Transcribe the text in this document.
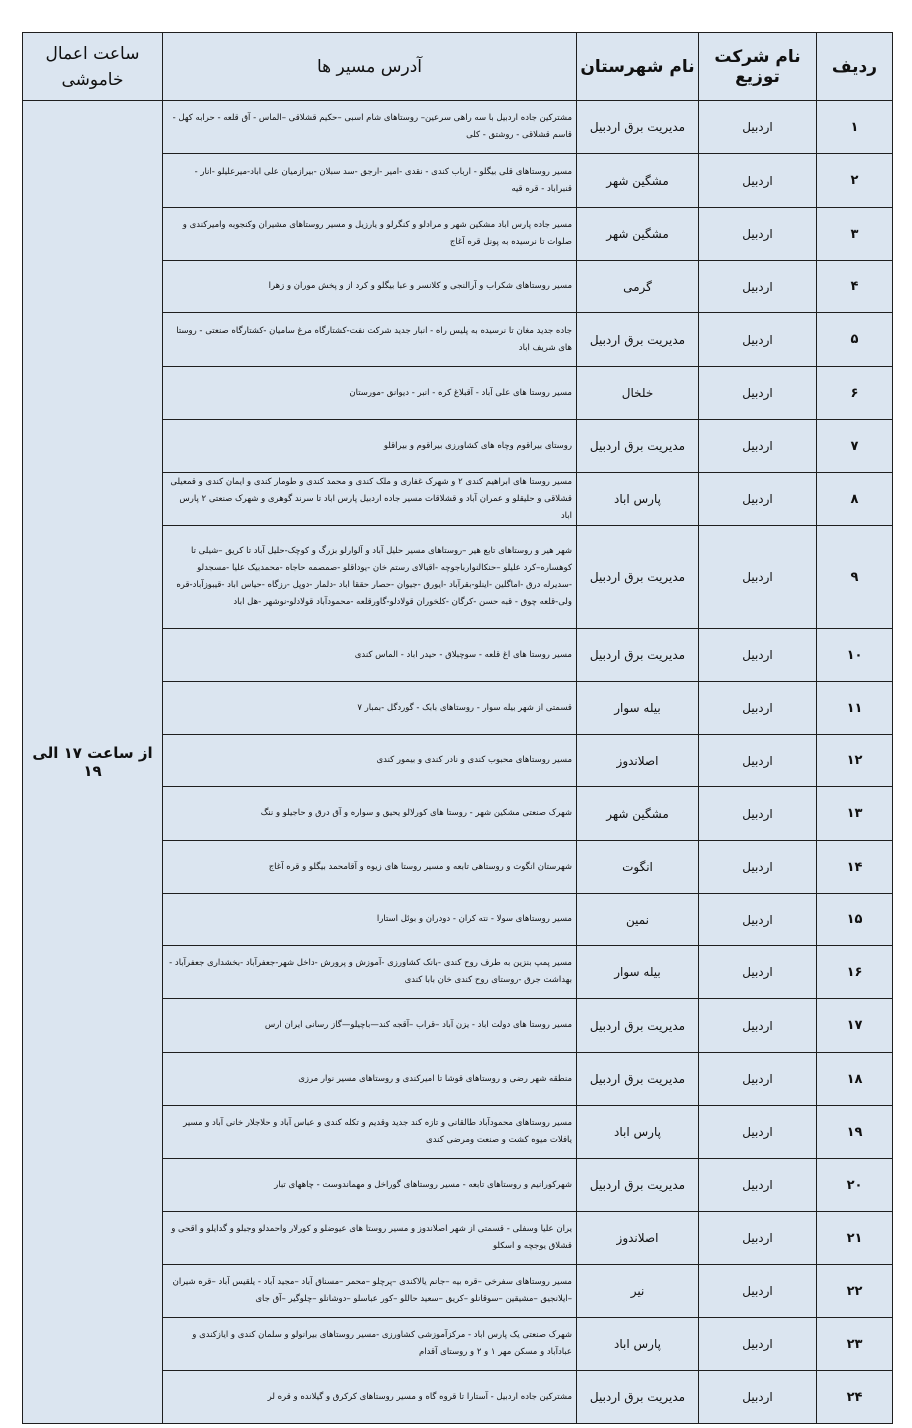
ردیف	نام شرکت توزیع	نام شهرستان	آدرس مسیر ها	ساعت اعمال خاموشی
۱	اردبیل	مدیریت برق اردبیل	مشترکین جاده اردبیل با سه راهی سرعین– روستاهای شام اسبی –حکیم قشلاقی –الماس - آق قلعه - حرابه کهل - قاسم قشلاقی - روشتق - کلی	از ساعت ۱۷ الی ۱۹
۲	اردبیل	مشگین شهر	مسیر روستاهای قلی بیگلو - ارباب کندی - نقدی -امیر -ارجق -سد سبلان -بیرازمیان علی اباد-میرعلیلو -انار - قنبراباد - قره قیه	
۳	اردبیل	مشگین شهر	مسیر جاده پارس اباد مشکین شهر و مرادلو و کنگرلو و یارزیل و مسیر روستاهای مشیران وکنجوبه وامیرکندی و صلوات تا نرسیده به پونل قره آغاج	
۴	اردبیل	گرمی	مسیر روستاهای شکراب و آرالنجی و کلانسر و عبا بیگلو و کرد از و پخش موران و زهرا	
۵	اردبیل	مدیریت برق اردبیل	جاده جدید مغان تا نرسیده به پلیس راه - انبار جدید شرکت نفت-کشتارگاه مرغ سامیان -کشتارگاه صنعتی - روستا های شریف اباد	
۶	اردبیل	خلخال	مسیر روستا های علی آباد - آقبلاغ کره - انبر - دیوانق -مورستان	
۷	اردبیل	مدیریت برق اردبیل	روستای بیراقوم وچاه های کشاورزی بیراقوم و بیراقلو	
۸	اردبیل	پارس اباد	مسیر روستا های ابراهیم کندی ۲ و شهرک غفاری و ملک کندی و محمد کندی و طومار کندی و ایمان کندی و قمعیلی قشلاقی و حلیقلو و عمران آباد و قشلاقات مسیر جاده اردبیل پارس اباد تا سرند گوهری و شهرک صنعتی ۲ پارس اباد	
۹	اردبیل	مدیریت برق اردبیل	شهر هیر و روستاهای تابع هیر –روستاهای مسیر حلیل آباد و آلوارلو بزرگ و کوچک-حلیل آباد تا کریق –شیلی تا کوهساره–کرد علیلو –حنکالنوارباجوچه -اقبالای رستم خان -یوداقلو -صمصمه حاجاه -محمدبیک علیا -مسجدلو -سدیرله درق -اماگلین -اینلو-بقرآباد -ایورق -جیوان -حصار حققا اباد -دلمار -دوپل -رزگاه -حیاس اباد -قیبوزآباد-قره ولی-قلعه چوق - قبه حسن -کرگان -کلخوران قولادلو-گاورقلعه -محمودآباد قولادلو-نوشهر -هل اباد	
۱۰	اردبیل	مدیریت برق اردبیل	مسیر روستا های اغ قلعه - سوچبلاق - حیدر اباد - الماس کندی	
۱۱	اردبیل	بیله سوار	قسمتی از شهر بیله سوار - روستاهای بابک - گوردگل -بمبار ۷	
۱۲	اردبیل	اصلاندوز	مسیر روستاهای محبوب کندی و نادر کندی و بیمور کندی	
۱۳	اردبیل	مشگین شهر	شهرک صنعتی مشکین شهر - روستا های کورلالو یحیق و سواره و آق درق و حاجیلو و ننگ	
۱۴	اردبیل	انگوت	شهرستان انگوت و روستاهی تابعه و مسیر روستا های زیوه و آقامحمد بیگلو و قره آغاج	
۱۵	اردبیل	نمین	مسیر روستاهای سولا - نته کران - دودران و بوئل استارا	
۱۶	اردبیل	بیله سوار	مسیر پمپ بنزین به طرف روح کندی -بانک کشاورزی -آموزش و پرورش -داخل شهر-جعفرآباد -بخشداری جعفرآباد - بهداشت جرق -روستای روح کندی خان بابا کندی	
۱۷	اردبیل	مدیریت برق اردبیل	مسیر روستا های دولت اباد - یزن آباد –قراب –آقجه کند—باچیلو—گاز رسانی ایران ارس	
۱۸	اردبیل	مدیریت برق اردبیل	منطقه شهر رضی و روستاهای قوشا تا امیرکندی و روستاهای مسیر نوار مرزی	
۱۹	اردبیل	پارس اباد	مسیر روستاهای محمودآباد طالقانی و تازه کند جدید وقدیم و تکله کندی و عباس آباد و حلاجلار خانی آباد و مسیر یافلات میوه کشت و صنعت ومرضی کندی	
۲۰	اردبیل	مدیریت برق اردبیل	شهرکورانیم و روستاهای تابعه - مسیر روستاهای گوراخل و مهماندوست - چاههای تبار	
۲۱	اردبیل	اصلاندوز	یران علیا وسفلی - قسمتی از شهر اصلاندوز و مسیر روستا های عیوضلو و کورلار واحمدلو وجبلو و گدایلو و اقحی و قشلاق یوجچه و اسکلو	
۲۲	اردبیل	نیر	مسیر روستاهای سفرخی –قره بیه –جانم یالاکندی –پرچلو –محمر –مسناق آباد –مجید آباد - یلقیس آباد –قره شیران –ایلانجیق –مشیقین –سوقانلو –کریق –سعید حاللو –کور عباسلو –دوشانلو –چلوگیر –آق جای	
۲۳	اردبیل	پارس اباد	شهرک صنعتی یک پارس اباد - مرکزآموزشی کشاورزی -مسیر روستاهای بیرانولو و سلمان کندی و ایازکندی و عبادآباد و مسکن مهر ۱ و ۲ و روستای آقدام	
۲۴	اردبیل	مدیریت برق اردبیل	مشترکین جاده اردبیل - آستارا تا قروه گاه و مسیر روستاهای کرکرق و گیلانده و قره لر	
